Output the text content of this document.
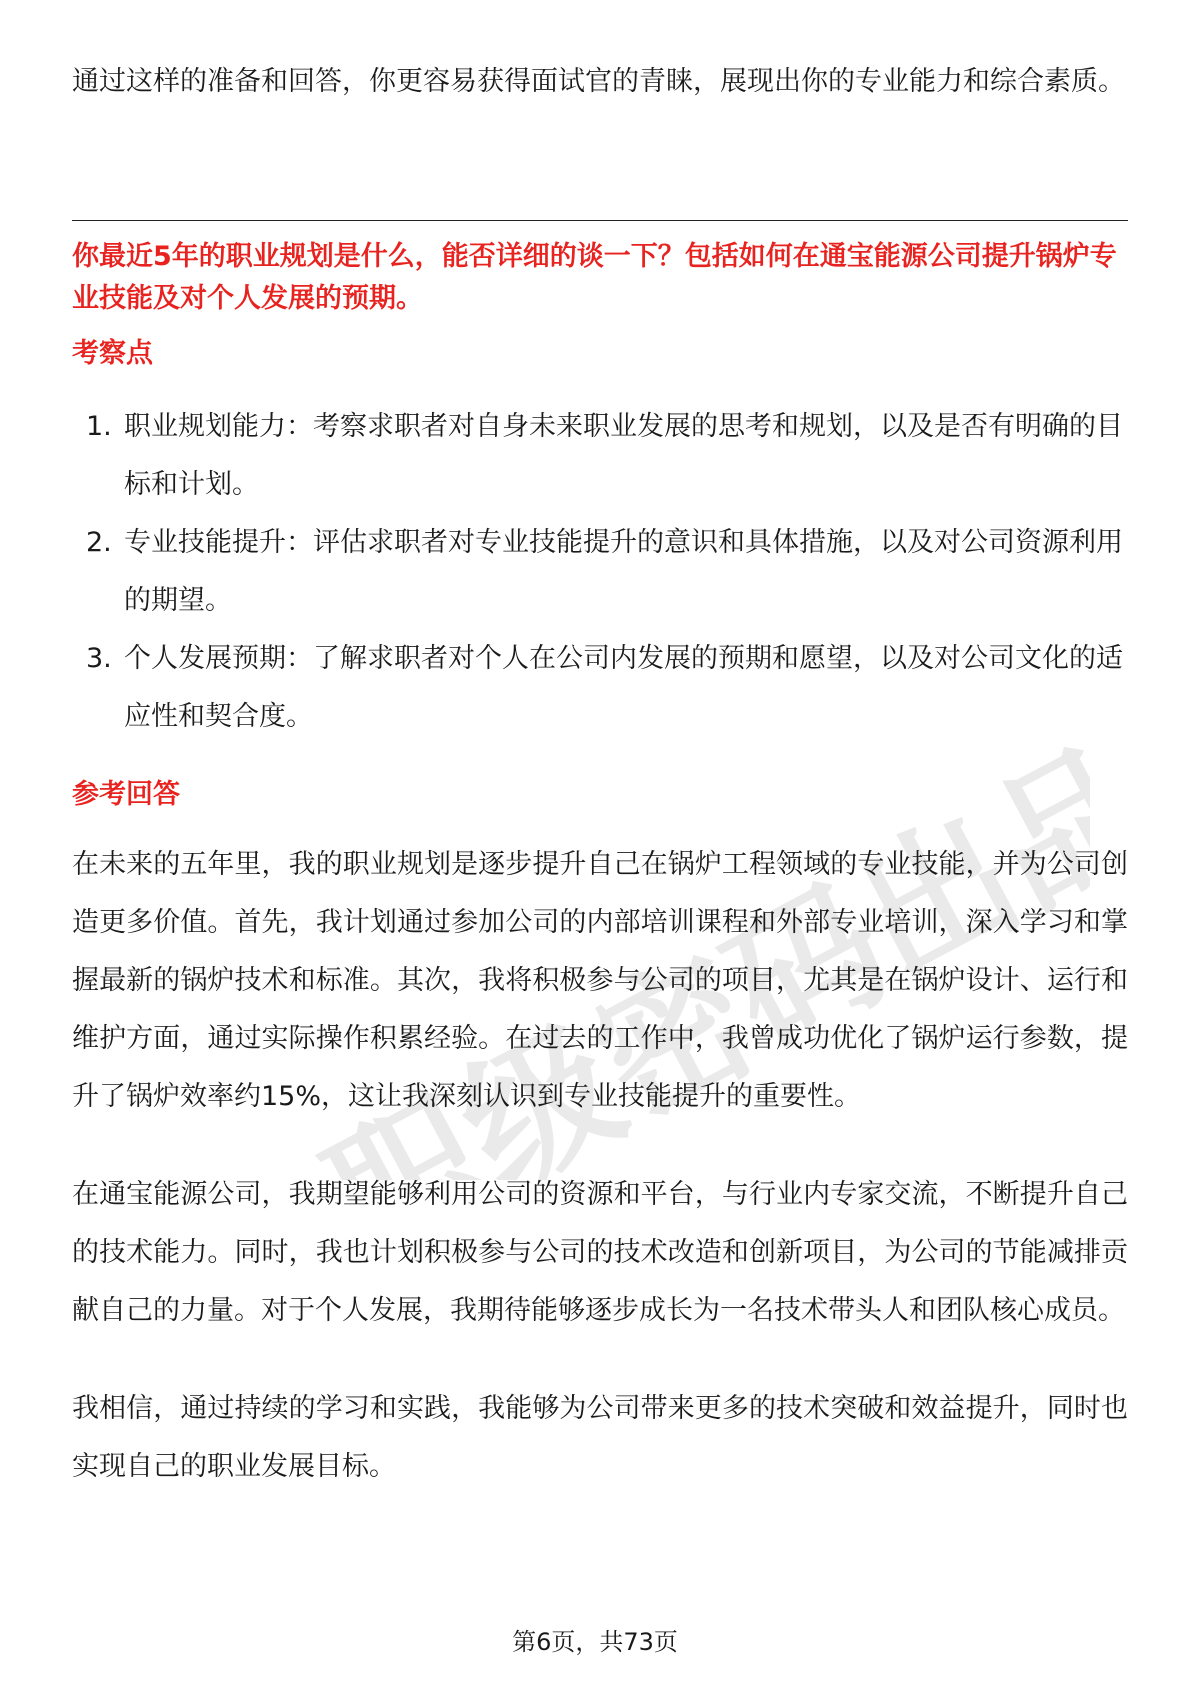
职级密码出品

通过这样的准备和回答，你更容易获得面试官的青睐，展现出你的专业能力和综合素质。

你最近5年的职业规划是什么，能否详细的谈一下？包括如何在通宝能源公司提升锅炉专业技能及对个人发展的预期。
考察点
1. 职业规划能力：考察求职者对自身未来职业发展的思考和规划，以及是否有明确的目标和计划。
2. 专业技能提升：评估求职者对专业技能提升的意识和具体措施，以及对公司资源利用的期望。
3. 个人发展预期：了解求职者对个人在公司内发展的预期和愿望，以及对公司文化的适应性和契合度。
参考回答

在未来的五年里，我的职业规划是逐步提升自己在锅炉工程领域的专业技能，并为公司创造更多价值。首先，我计划通过参加公司的内部培训课程和外部专业培训，深入学习和掌握最新的锅炉技术和标准。其次，我将积极参与公司的项目，尤其是在锅炉设计、运行和维护方面，通过实际操作积累经验。在过去的工作中，我曾成功优化了锅炉运行参数，提升了锅炉效率约15%，这让我深刻认识到专业技能提升的重要性。

在通宝能源公司，我期望能够利用公司的资源和平台，与行业内专家交流，不断提升自己的技术能力。同时，我也计划积极参与公司的技术改造和创新项目，为公司的节能减排贡献自己的力量。对于个人发展，我期待能够逐步成长为一名技术带头人和团队核心成员。

我相信，通过持续的学习和实践，我能够为公司带来更多的技术突破和效益提升，同时也实现自己的职业发展目标。

第6页，共73页
